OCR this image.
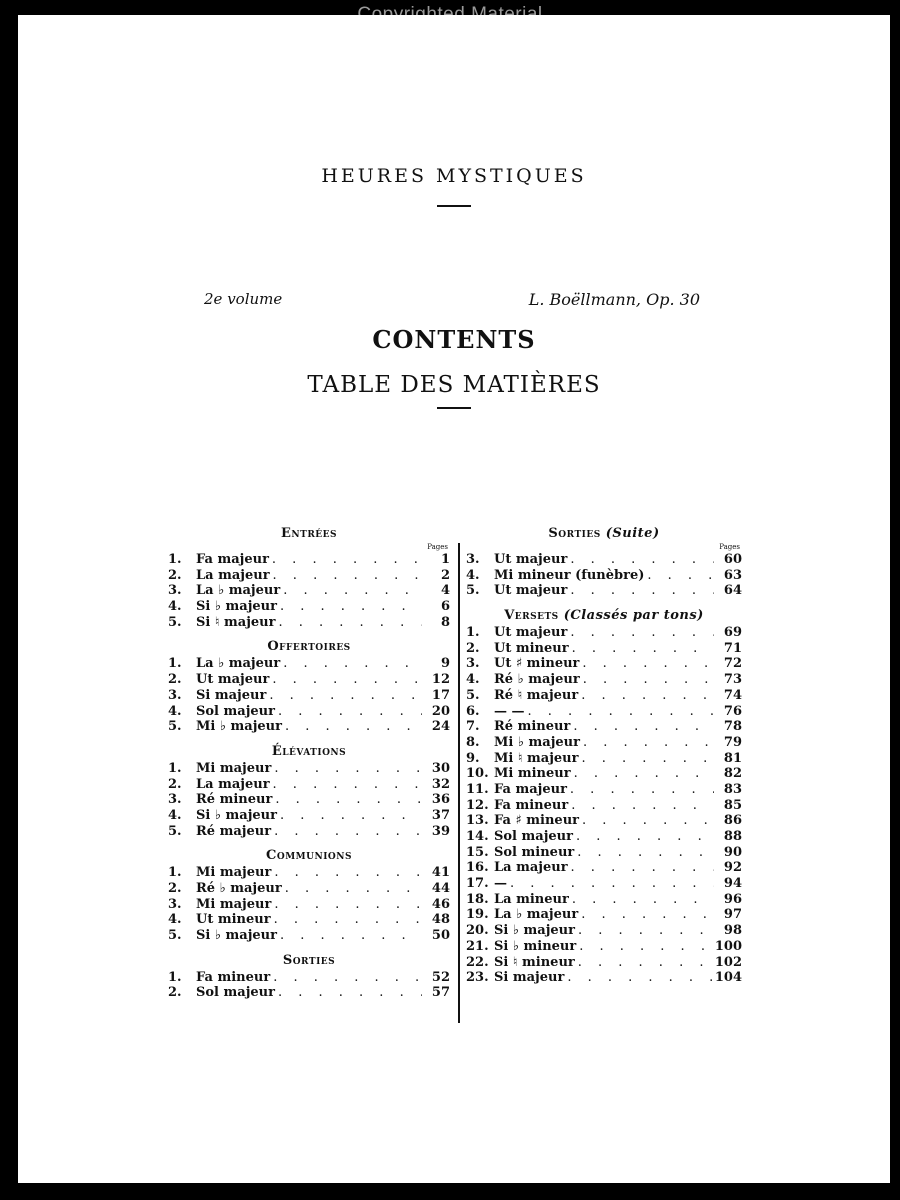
HEURES MYSTIQUES
2e volume	L. Boëllmann, Op. 30
CONTENTS
TABLE DES MATIÈRES
Entrées
Pages
1.	Fa majeur . . .	1
2.	La majeur . . .	2
3.	La ♭ majeur . . .	4
4.	Si ♭ majeur . . .	6
5.	Si ♮ majeur . . .	8
Offertoires
1.	La ♭ majeur . . .	9
2.	Ut majeur . . .	12
3.	Si majeur . . .	17
4.	Sol majeur . . .	20
5.	Mi ♭ majeur . . .	24
Élévations
1.	Mi majeur . . .	30
2.	La majeur . . .	32
3.	Ré mineur . . .	36
4.	Si ♭ majeur . . .	37
5.	Ré majeur . . .	39
Communions
1.	Mi majeur . . .	41
2.	Ré ♭ majeur . . .	44
3.	Mi majeur . . .	46
4.	Ut mineur . . .	48
5.	Si ♭ majeur . . .	50
Sorties
1.	Fa mineur . . .	52
2.	Sol majeur . . .	57
Sorties (Suite)
Pages
3.	Ut majeur . . .	60
4.	Mi mineur (funèbre) . . .	63
5.	Ut majeur . . .	64
Versets (Classés par tons)
1.	Ut majeur . . .	69
2.	Ut mineur . . .	71
3.	Ut ♯ mineur . . .	72
4.	Ré ♭ majeur . . .	73
5.	Ré ♮ majeur . . .	74
6.	— — . . .	76
7.	Ré mineur . . .	78
8.	Mi ♭ majeur . . .	79
9.	Mi ♮ majeur . . .	81
10. Mi mineur . . .	82
11. Fa majeur . . .	83
12. Fa mineur . . .	85
13. Fa ♯ mineur . . .	86
14. Sol majeur . . .	88
15. Sol mineur . . .	90
16. La majeur . . .	92
17. — . . .	94
18. La mineur . . .	96
19. La ♭ majeur . . .	97
20. Si ♭ majeur . . .	98
21. Si ♭ mineur . . .	100
22. Si ♮ mineur . . .	102
23. Si majeur . . .	104
